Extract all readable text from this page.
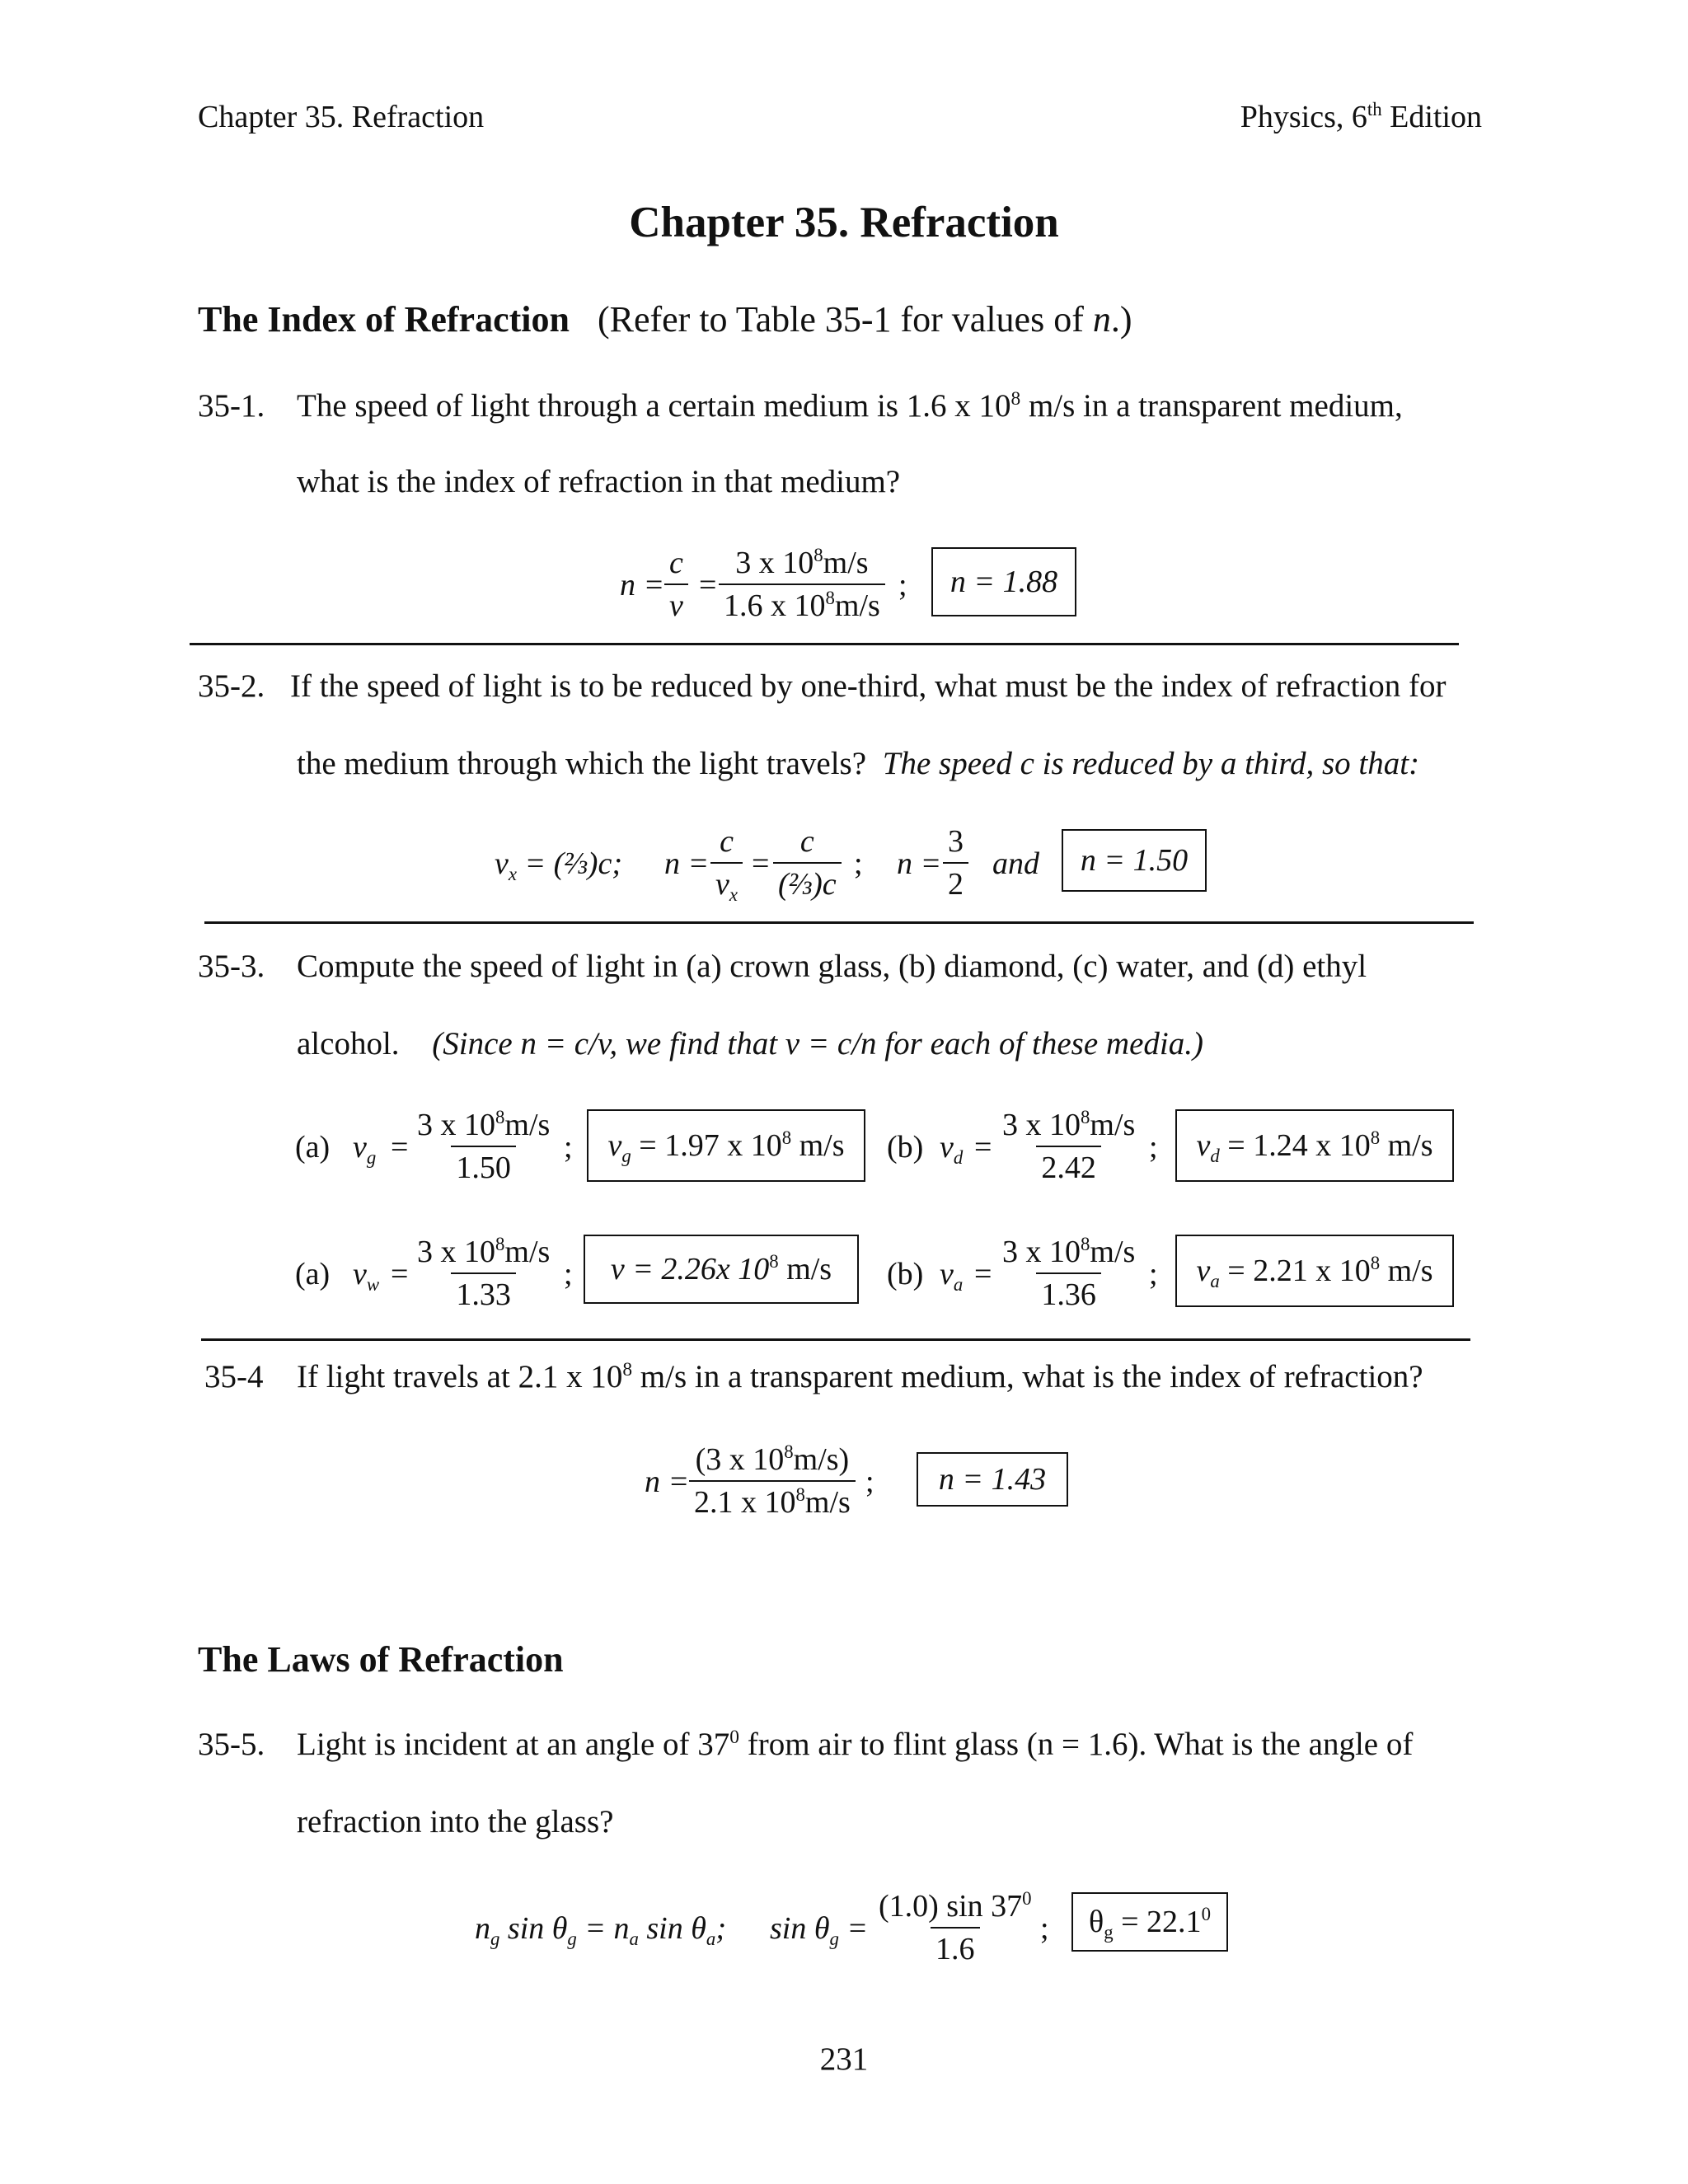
Chapter 35. Refraction	Physics, 6th Edition
Chapter 35. Refraction
The Index of Refraction (Refer to Table 35-1 for values of n.)
35-1. The speed of light through a certain medium is 1.6 x $10^8$ m/s in a transparent medium,
what is the index of refraction in that medium?
$n = \frac{c}{v} = \frac{3 x 10^8m/s}{1.6 x 10^8m/s}$ ; n = 1.88
35-2. If the speed of light is to be reduced by one-third, what must be the index of refraction for
the medium through which the light travels? The speed c is reduced by a third, so that:
$v_x$ = (⅔)c; $n = \frac{c}{v_x} = \frac{c}{\text{(⅔)c}}$ ; $n = \frac{3}{2}$ and n = 1.50
35-3. Compute the speed of light in (a) crown glass, (b) diamond, (c) water, and (d) ethyl
alcohol. (Since n = c/v, we find that v = c/n for each of these media.)
(a) $v_g = \frac{3 x 10^8m/s}{1.50}$ ; $v_g = 1.97$ x $10^8$ m/s (b) $v_d = \frac{3 x 10^8m/s}{2.42}$ ; $v_d = 1.24$ x $10^8$ m/s
(a) $v_w = \frac{3 x 10^8m/s}{1.33}$ ; v = 2.26x $10^8$ m/s (b) $v_a = \frac{3 x 10^8m/s}{1.36}$ ; $v_a = 2.21$ x $10^8$ m/s
35-4 If light travels at 2.1 x $10^8$ m/s in a transparent medium, what is the index of refraction?
$n = \frac{(3 x 10^8m/s)}{2.1 x 10^8m/s}$ ; n = 1.43
The Laws of Refraction
35-5. Light is incident at an angle of $37^0$ from air to flint glass (n = 1.6). What is the angle of
refraction into the glass?
$n_g$ $\sin \theta_g = n_a$ $\sin \theta_a$; $\sin \theta_g = \frac{(1.0) \sin 37^0}{1.6}$ ; $\theta_g = 22.1^0$
231
